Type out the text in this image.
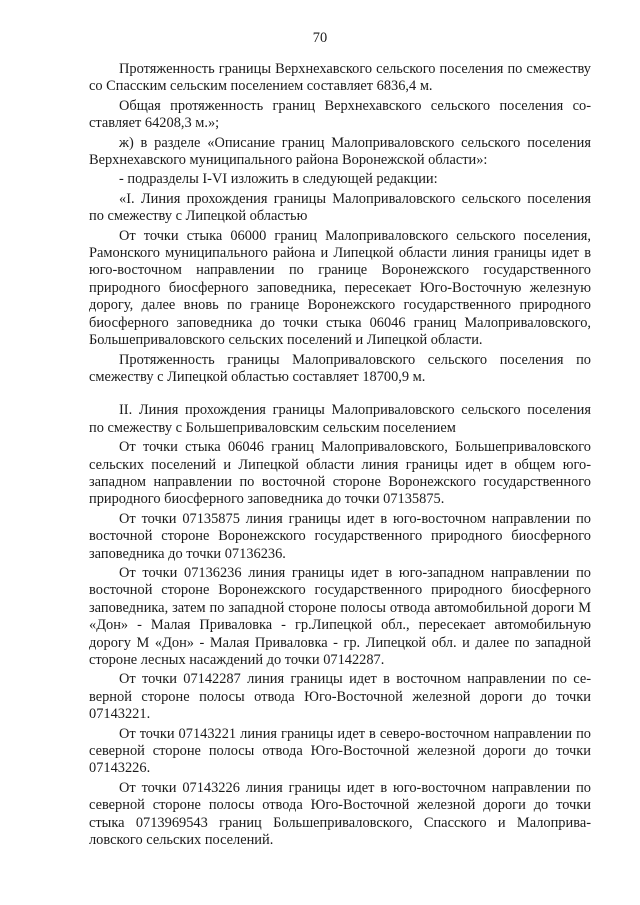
70

Протяженность границы Верхнехавского сельского поселения по смежеству со Спасским сельским поселением составляет 6836,4 м.

Общая протяженность границ Верхнехавского сельского поселения составляет 64208,3 м.»;

ж) в разделе «Описание границ Малоприваловского сельского поселения Верхнехавского муниципального района Воронежской области»:

- подразделы I-VI изложить в следующей редакции:

«I. Линия прохождения границы Малоприваловского сельского поселения по смежеству с Липецкой областью

От точки стыка 06000 границ Малоприваловского сельского поселения, Рамонского муниципального района и Липецкой области линия границы идет в юго-восточном направлении по границе Воронежского государственного природного биосферного заповедника, пересекает Юго-Восточную железную дорогу, далее вновь по границе Воронежского государственного природного биосферного заповедника до точки стыка 06046 границ Малоприваловского, Большеприваловского сельских поселений и Липецкой области.

Протяженность границы Малоприваловского сельского поселения по смежеству с Липецкой областью составляет 18700,9 м.

II. Линия прохождения границы Малоприваловского сельского поселения по смежеству с Большеприваловским сельским поселением

От точки стыка 06046 границ Малоприваловского, Большеприваловского сельских поселений и Липецкой области линия границы идет в общем югозападном направлении по восточной стороне Воронежского государственного природного биосферного заповедника до точки 07135875.

От точки 07135875 линия границы идет в юго-восточном направлении по восточной стороне Воронежского государственного природного биосферного заповедника до точки 07136236.

От точки 07136236 линия границы идет в юго-западном направлении по восточной стороне Воронежского государственного природного биосферного заповедника, затем по западной стороне полосы отвода автомобильной дороги М «Дон» - Малая Приваловка - гр.Липецкой обл., пересекает автомобильную дорогу М «Дон» - Малая Приваловка - гр. Липецкой обл. и далее по западной стороне лесных насаждений до точки 07142287.

От точки 07142287 линия границы идет в восточном направлении по северной стороне полосы отвода Юго-Восточной железной дороги до точки 07143221.

От точки 07143221 линия границы идет в северо-восточном направлении по северной стороне полосы отвода Юго-Восточной железной дороги до точки 07143226.

От точки 07143226 линия границы идет в юго-восточном направлении по северной стороне полосы отвода Юго-Восточной железной дороги до точки стыка 0713969543 границ Большеприваловского, Спасского и Малоприваловского сельских поселений.
